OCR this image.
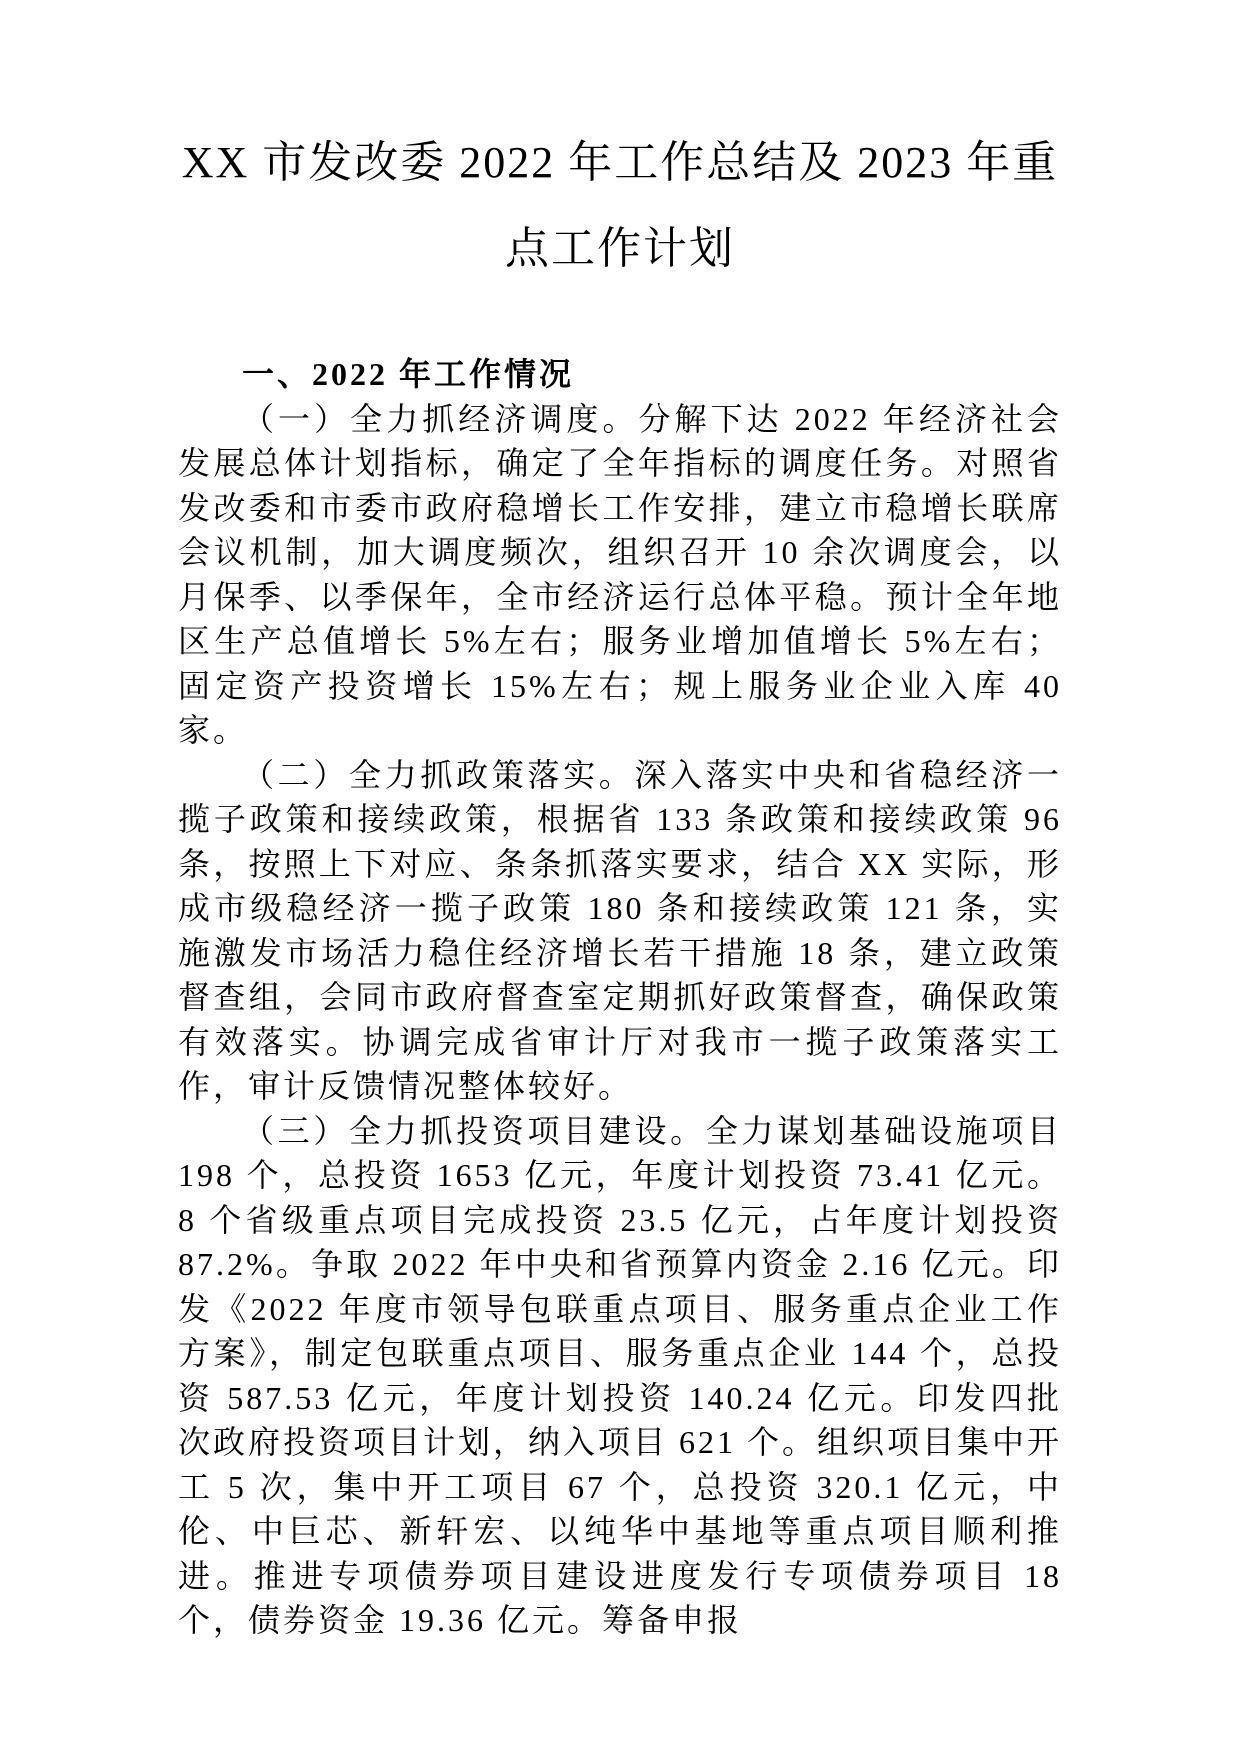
XX 市发改委 2022 年工作总结及 2023 年重点工作计划
一、2022 年工作情况

（一）全力抓经济调度。分解下达 2022 年经济社会发展总体计划指标，确定了全年指标的调度任务。对照省发改委和市委市政府稳增长工作安排，建立市稳增长联席会议机制，加大调度频次，组织召开 10 余次调度会，以月保季、以季保年，全市经济运行总体平稳。预计全年地区生产总值增长 5%左右；服务业增加值增长 5%左右；固定资产投资增长 15%左右；规上服务业企业入库 40 家。

（二）全力抓政策落实。深入落实中央和省稳经济一揽子政策和接续政策，根据省 133 条政策和接续政策 96 条，按照上下对应、条条抓落实要求，结合 XX 实际，形成市级稳经济一揽子政策 180 条和接续政策 121 条，实施激发市场活力稳住经济增长若干措施 18 条，建立政策督查组，会同市政府督查室定期抓好政策督查，确保政策有效落实。协调完成省审计厅对我市一揽子政策落实工作，审计反馈情况整体较好。

（三）全力抓投资项目建设。全力谋划基础设施项目 198 个，总投资 1653 亿元，年度计划投资 73.41 亿元。8 个省级重点项目完成投资 23.5 亿元，占年度计划投资 87.2%。争取 2022 年中央和省预算内资金 2.16 亿元。印发《2022 年度市领导包联重点项目、服务重点企业工作方案》，制定包联重点项目、服务重点企业 144 个，总投资 587.53 亿元，年度计划投资 140.24 亿元。印发四批次政府投资项目计划，纳入项目 621 个。组织项目集中开工 5 次，集中开工项目 67 个，总投资 320.1 亿元，中伦、中巨芯、新轩宏、以纯华中基地等重点项目顺利推进。推进专项债券项目建设进度发行专项债券项目 18 个，债券资金 19.36 亿元。筹备申报
